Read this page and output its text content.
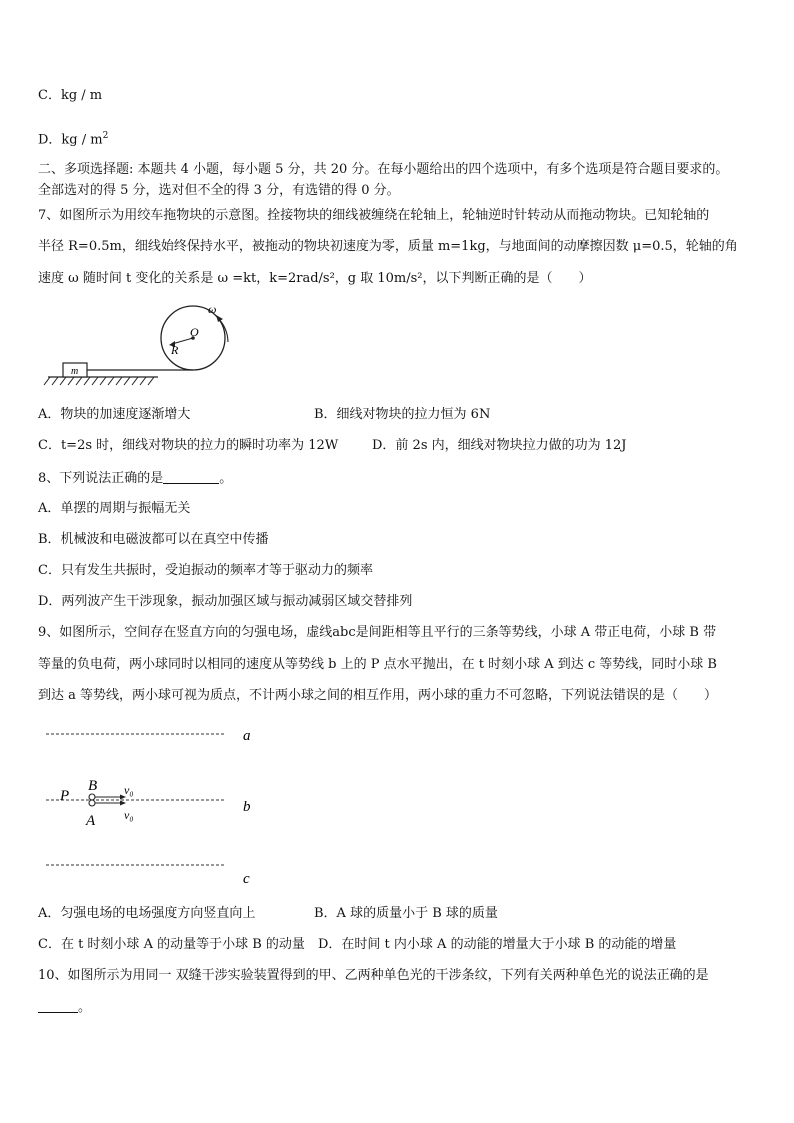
C．kg / m
D．kg / $m^2$
二、多项选择题: 本题共 4 小题，每小题 5 分，共 20 分。在每小题给出的四个选项中，有多个选项是符合题目要求的。
全部选对的得 5 分，选对但不全的得 3 分，有选错的得 0 分。
7、如图所示为用绞车拖物块的示意图。拴接物块的细线被缠绕在轮轴上，轮轴逆时针转动从而拖动物块。已知轮轴的
半径 R=0.5m，细线始终保持水平，被拖动的物块初速度为零，质量 m=1kg，与地面间的动摩擦因数 μ=0.5，轮轴的角
速度 ω 随时间 t 变化的关系是 ω =kt，k=2rad/s²，g 取 10m/s²，以下判断正确的是（　　）
m
O
R
ω
A．物块的加速度逐渐增大	B．细线对物块的拉力恒为 6N
C．t=2s 时，细线对物块的拉力的瞬时功率为 12W	D．前 2s 内，细线对物块拉力做的功为 12J
8、下列说法正确的是	。
A．单摆的周期与振幅无关
B．机械波和电磁波都可以在真空中传播
C．只有发生共振时，受迫振动的频率才等于驱动力的频率
D．两列波产生干涉现象，振动加强区域与振动减弱区域交替排列
9、如图所示，空间存在竖直方向的匀强电场，虚线abc是间距相等且平行的三条等势线，小球 A 带正电荷，小球 B 带
等量的负电荷，两小球同时以相同的速度从等势线 b 上的 P 点水平抛出，在 t 时刻小球 A 到达 c 等势线，同时小球 B
到达 a 等势线，两小球可视为质点，不计两小球之间的相互作用，两小球的重力不可忽略，下列说法错误的是（　　）
a
b
c
P
B
A
v₀
v₀
A．匀强电场的电场强度方向竖直向上	B．A 球的质量小于 B 球的质量
C．在 t 时刻小球 A 的动量等于小球 B 的动量 D．在时间 t 内小球 A 的动能的增量大于小球 B 的动能的增量
10、如图所示为用同一 双缝干涉实验装置得到的甲、乙两种单色光的干涉条纹，下列有关两种单色光的说法正确的是
。
